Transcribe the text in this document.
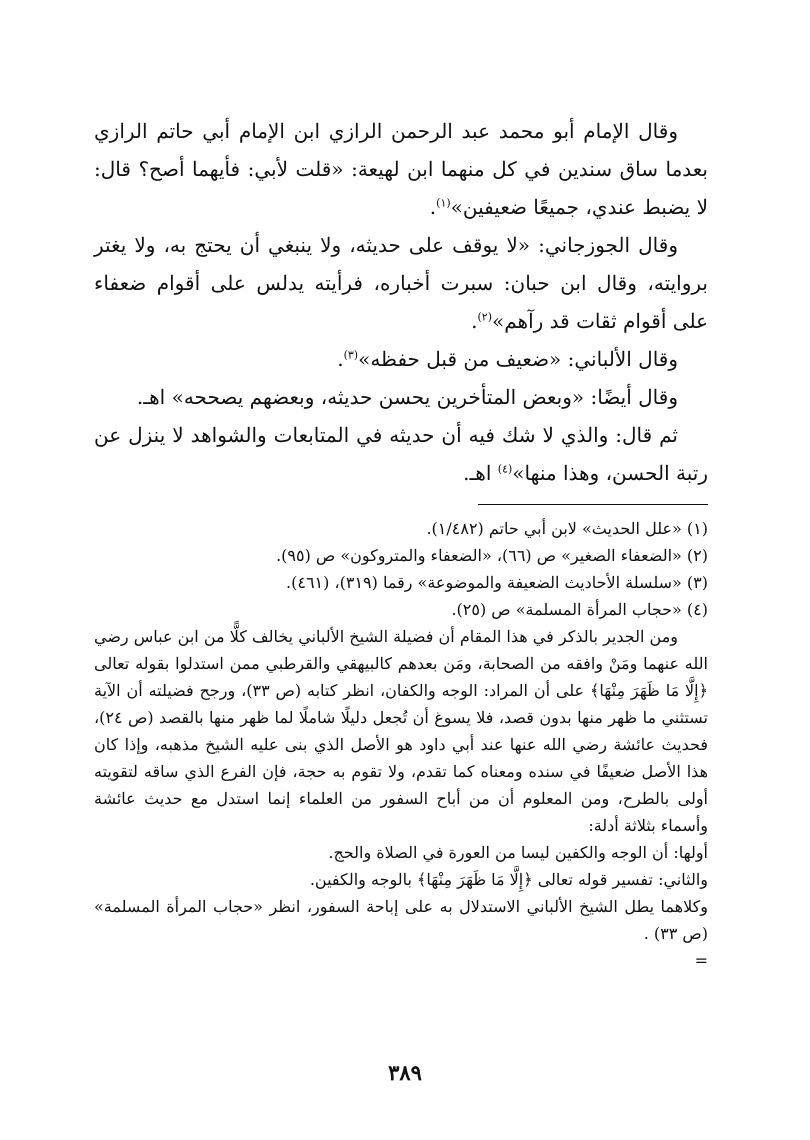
وقال الإمام أبو محمد عبد الرحمن الرازي ابن الإمام أبي حاتم الرازي بعدما ساق سندين في كل منهما ابن لهيعة: «قلت لأبي: فأيهما أصح؟ قال: لا يضبط عندي، جميعًا ضعيفين»$^{(١)}$.

وقال الجوزجاني: «لا يوقف على حديثه، ولا ينبغي أن يحتج به، ولا يغتر بروايته، وقال ابن حبان: سبرت أخباره، فرأيته يدلس على أقوام ضعفاء على أقوام ثقات قد رآهم»$^{(٢)}$.

وقال الألباني: «ضعيف من قبل حفظه»$^{(٣)}$.

وقال أيضًا: «وبعض المتأخرين يحسن حديثه، وبعضهم يصححه» اهـ.

ثم قال: والذي لا شك فيه أن حديثه في المتابعات والشواهد لا ينزل عن رتبة الحسن، وهذا منها»$^{(٤)}$ اهـ.

(١) «علل الحديث» لابن أبي حاتم (١/٤٨٢).

(٢) «الضعفاء الصغير» ص (٦٦)، «الضعفاء والمتروكون» ص (٩٥).

(٣) «سلسلة الأحاديث الضعيفة والموضوعة» رقما (٣١٩)، (٤٦١).

(٤) «حجاب المرأة المسلمة» ص (٢٥).

ومن الجدير بالذكر في هذا المقام أن فضيلة الشيخ الألباني يخالف كلًّا من ابن عباس رضي الله عنهما ومَنْ وافقه من الصحابة، ومَن بعدهم كالبيهقي والقرطبي ممن استدلوا بقوله تعالى ﴿إِلَّا مَا ظَهَرَ مِنْهَا﴾ على أن المراد: الوجه والكفان، انظر كتابه (ص ٣٣)، ورجح فضيلته أن الآية تستثني ما ظهر منها بدون قصد، فلا يسوغ أن تُجعل دليلًا شاملًا لما ظهر منها بالقصد (ص ٢٤)، فحديث عائشة رضي الله عنها عند أبي داود هو الأصل الذي بنى عليه الشيخ مذهبه، وإذا كان هذا الأصل ضعيفًا في سنده ومعناه كما تقدم، ولا تقوم به حجة، فإن الفرع الذي ساقه لتقويته أولى بالطرح، ومن المعلوم أن من أباح السفور من العلماء إنما استدل مع حديث عائشة وأسماء بثلاثة أدلة:

أولها: أن الوجه والكفين ليسا من العورة في الصلاة والحج.

والثاني: تفسير قوله تعالى ﴿إِلَّا مَا ظَهَرَ مِنْهَا﴾ بالوجه والكفين.

وكلاهما يطل الشيخ الألباني الاستدلال به على إباحة السفور، انظر «حجاب المرأة المسلمة» (ص ٣٣) .

=

٣٨٩
